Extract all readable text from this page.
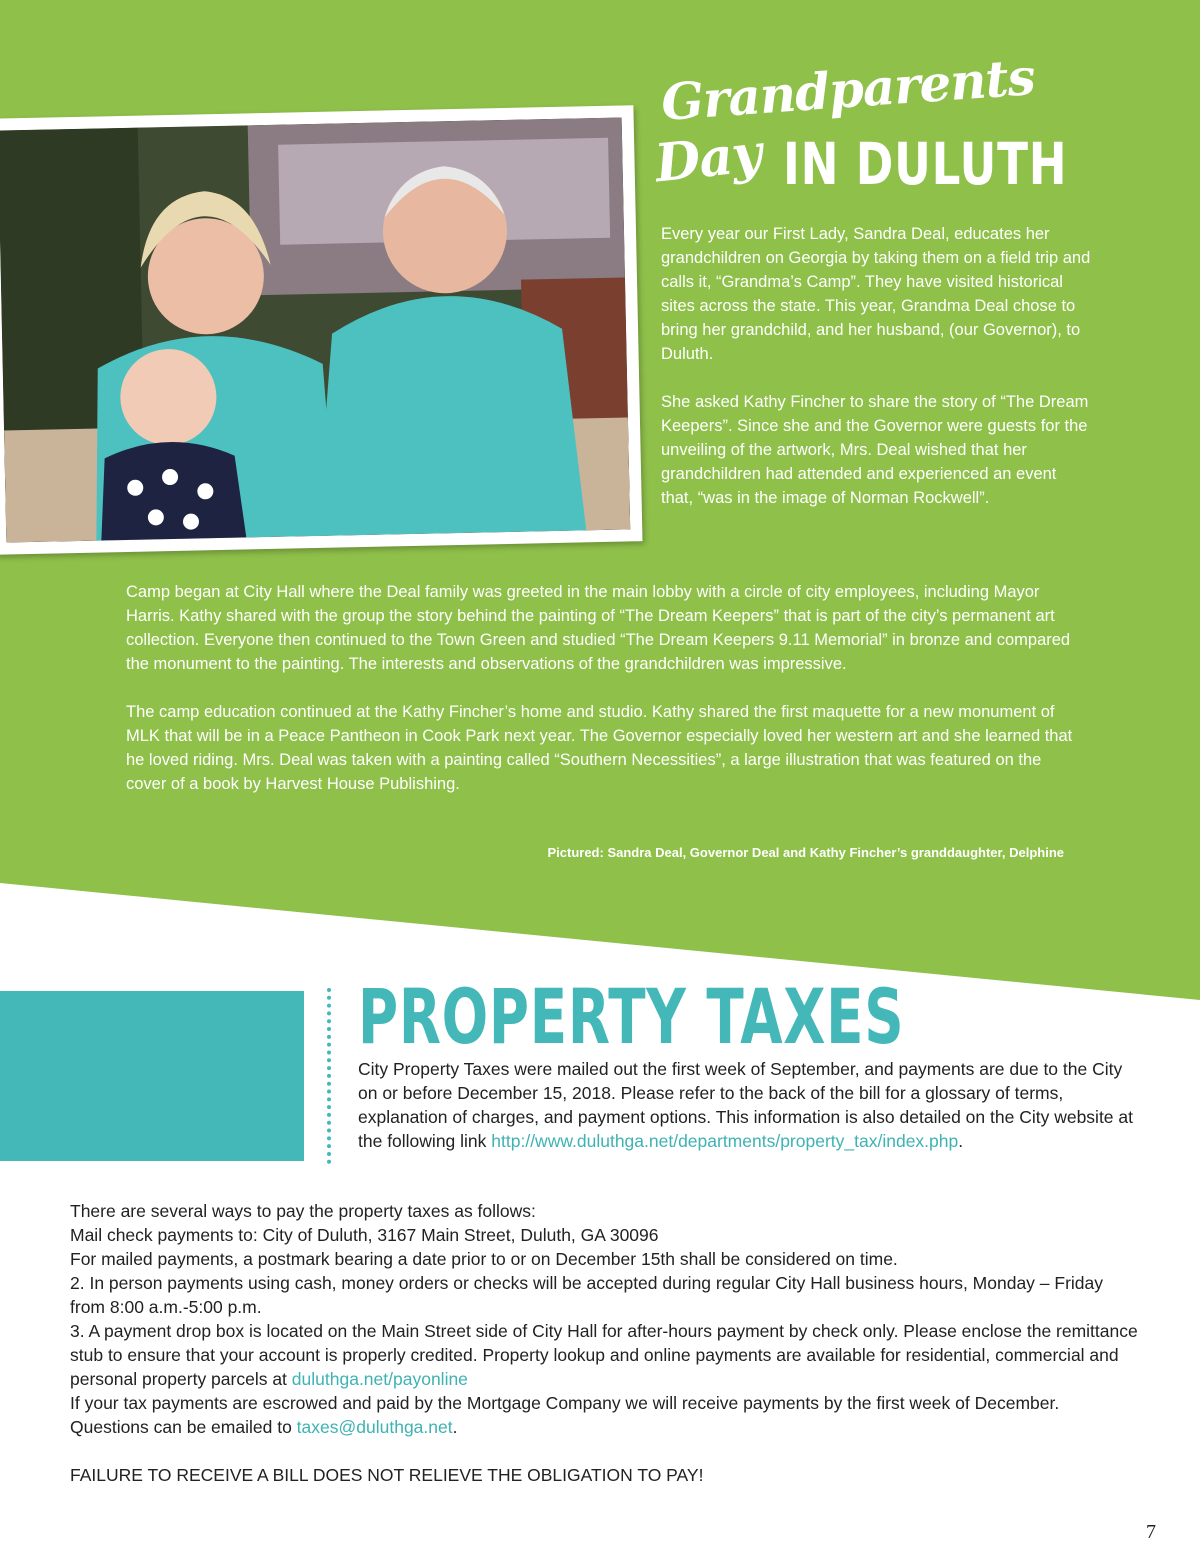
Grandparents
Day IN DULUTH

Every year our First Lady, Sandra Deal, educates her grandchildren on Georgia by taking them on a field trip and calls it, “Grandma’s Camp”. They have visited historical sites across the state. This year, Grandma Deal chose to bring her grandchild, and her husband, (our Governor), to Duluth.

She asked Kathy Fincher to share the story of “The Dream Keepers”. Since she and the Governor were guests for the unveiling of the artwork, Mrs. Deal wished that her grandchildren had attended and experienced an event that, “was in the image of Norman Rockwell”.

Camp began at City Hall where the Deal family was greeted in the main lobby with a circle of city employees, including Mayor Harris. Kathy shared with the group the story behind the painting of “The Dream Keepers” that is part of the city’s permanent art collection. Everyone then continued to the Town Green and studied “The Dream Keepers 9.11 Memorial” in bronze and compared the monument to the painting. The interests and observations of the grandchildren was impressive.

The camp education continued at the Kathy Fincher’s home and studio. Kathy shared the first maquette for a new monument of MLK that will be in a Peace Pantheon in Cook Park next year. The Governor especially loved her western art and she learned that he loved riding. Mrs. Deal was taken with a painting called “Southern Necessities”, a large illustration that was featured on the cover of a book by Harvest House Publishing.

Pictured: Sandra Deal, Governor Deal and Kathy Fincher’s granddaughter, Delphine
PROPERTY TAXES
City Property Taxes were mailed out the first week of September, and payments are due to the City on or before December 15, 2018. Please refer to the back of the bill for a glossary of terms, explanation of charges, and payment options. This information is also detailed on the City website at the following link http://www.duluthga.net/departments/property_tax/index.php.
There are several ways to pay the property taxes as follows:
Mail check payments to: City of Duluth, 3167 Main Street, Duluth, GA 30096
For mailed payments, a postmark bearing a date prior to or on December 15th shall be considered on time.
2. In person payments using cash, money orders or checks will be accepted during regular City Hall business hours, Monday – Friday from 8:00 a.m.-5:00 p.m.
3. A payment drop box is located on the Main Street side of City Hall for after-hours payment by check only. Please enclose the remittance stub to ensure that your account is properly credited. Property lookup and online payments are available for residential, commercial and personal property parcels at duluthga.net/payonline
If your tax payments are escrowed and paid by the Mortgage Company we will receive payments by the first week of December.
Questions can be emailed to taxes@duluthga.net.
FAILURE TO RECEIVE A BILL DOES NOT RELIEVE THE OBLIGATION TO PAY!
7
